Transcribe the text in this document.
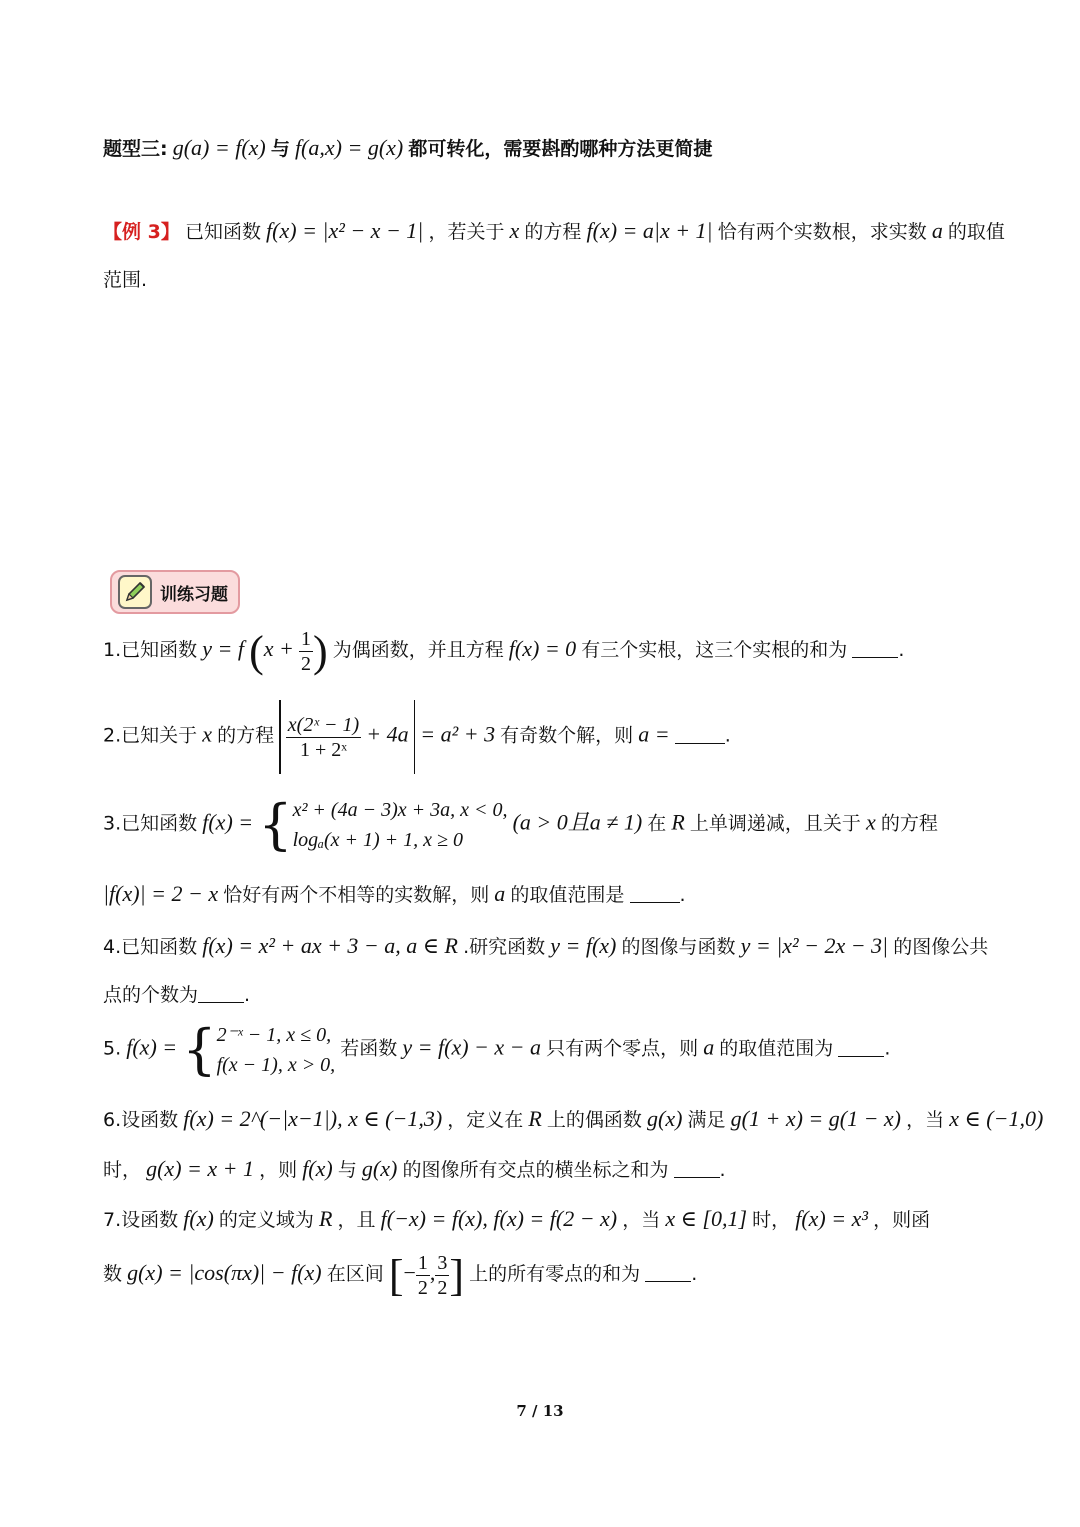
题型三: g(a) = f(x) 与 f(a,x) = g(x) 都可转化，需要斟酌哪种方法更简捷
【例 3】 已知函数 f(x) = |x² − x − 1| ，若关于 x 的方程 f(x) = a|x + 1| 恰有两个实数根，求实数 a 的取值
范围.
训练习题
1.已知函数 y = f ($x + \frac{1}{2}$ ) 为偶函数，并且方程 f(x) = 0 有三个实根，这三个实根的和为	.
2.已知关于 x 的方程 $\frac{\text{x(2ˣ − 1)}}{\text{1 + 2ˣ}} + 4a = a^2 + 3$ 有奇数个解，则 a =	.
3.已知函数 f(x) = { x² + (4a − 3)x + 3a, x < 0,
logₐ(x + 1) + 1, x ≥ 0
(a > 0且a ≠ 1) 在 R 上单调递减，且关于 x 的方程
|f(x)| = 2 − x 恰好有两个不相等的实数解，则 a 的取值范围是	.
4.已知函数 f(x) = x² + ax + 3 − a, a ∈ R .研究函数 y = f(x) 的图像与函数 y = |x² − 2x − 3| 的图像公共
点的个数为 .
5. f(x) = { 2⁻ˣ − 1, x ≤ 0,
f(x − 1), x > 0,
若函数 y = f(x) − x − a 只有两个零点，则 a 的取值范围为	.
6.设函数 f(x) = 2^(−|x−1|), x ∈ (−1,3) ，定义在 R 上的偶函数 g(x) 满足 g(1 + x) = g(1 − x) ，当 x ∈ (−1,0)
时， g(x) = x + 1 ，则 f(x) 与 g(x) 的图像所有交点的横坐标之和为	.
7.设函数 f(x) 的定义域为 R ，且 f(−x) = f(x), f(x) = f(2 − x) ，当 x ∈ [0,1] 时， f(x) = x³ ，则函
数 g(x) = |cos(πx)| − f(x) 在区间 [− $\frac{1}{2}$ , $\frac{3}{2}$ ] 上的所有零点的和为	.
7 / 13
